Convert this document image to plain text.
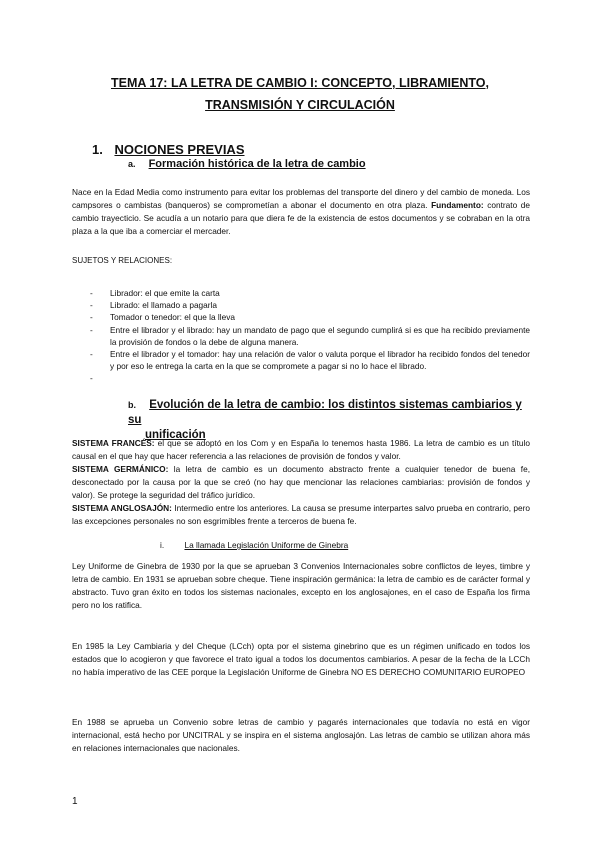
TEMA 17: LA LETRA DE CAMBIO I: CONCEPTO, LIBRAMIENTO,
TRANSMISIÓN Y CIRCULACIÓN
1. NOCIONES PREVIAS
a. Formación histórica de la letra de cambio

Nace en la Edad Media como instrumento para evitar los problemas del transporte del dinero y del cambio de moneda. Los campsores o cambistas (banqueros) se comprometían a abonar el documento en otra plaza. Fundamento: contrato de cambio trayecticio. Se acudía a un notario para que diera fe de la existencia de estos documentos y se cobraban en la otra plaza a la que iba a comerciar el mercader.

SUJETOS Y RELACIONES:
- Librador: el que emite la carta
- Librado: el llamado a pagarla
- Tomador o tenedor: el que la lleva
- Entre el librador y el librado: hay un mandato de pago que el segundo cumplirá si es que ha recibido previamente la provisión de fondos o la debe de alguna manera.
- Entre el librador y el tomador: hay una relación de valor o valuta porque el librador ha recibido fondos del tenedor y por eso le entrega la carta en la que se compromete a pagar si no lo hace el librado.
-
b. Evolución de la letra de cambio: los distintos sistemas cambiarios y su
unificación

SISTEMA FRANCÉS: el que se adoptó en los Com y en España lo tenemos hasta 1986. La letra de cambio es un título causal en el que hay que hacer referencia a las relaciones de provisión de fondos y valor.
SISTEMA GERMÁNICO: la letra de cambio es un documento abstracto frente a cualquier tenedor de buena fe, desconectado por la causa por la que se creó (no hay que mencionar las relaciones cambiarias: provisión de fondos y valor). Se protege la seguridad del tráfico jurídico.
SISTEMA ANGLOSAJÓN: Intermedio entre los anteriores. La causa se presume interpartes salvo prueba en contrario, pero las excepciones personales no son esgrimibles frente a terceros de buena fe.

i. La llamada Legislación Uniforme de Ginebra

Ley Uniforme de Ginebra de 1930 por la que se aprueban 3 Convenios Internacionales sobre conflictos de leyes, timbre y letra de cambio. En 1931 se aprueban sobre cheque. Tiene inspiración germánica: la letra de cambio es de carácter formal y abstracto. Tuvo gran éxito en todos los sistemas nacionales, excepto en los anglosajones, en el caso de España los firma pero no los ratifica.

En 1985 la Ley Cambiaria y del Cheque (LCch) opta por el sistema ginebrino que es un régimen unificado en todos los estados que lo acogieron y que favorece el trato igual a todos los documentos cambiarios. A pesar de la fecha de la LCCh no había imperativo de las CEE porque la Legislación Uniforme de Ginebra NO ES DERECHO COMUNITARIO EUROPEO

En 1988 se aprueba un Convenio sobre letras de cambio y pagarés internacionales que todavía no está en vigor internacional, está hecho por UNCITRAL y se inspira en el sistema anglosajón. Las letras de cambio se utilizan ahora más en relaciones internacionales que nacionales.

1
